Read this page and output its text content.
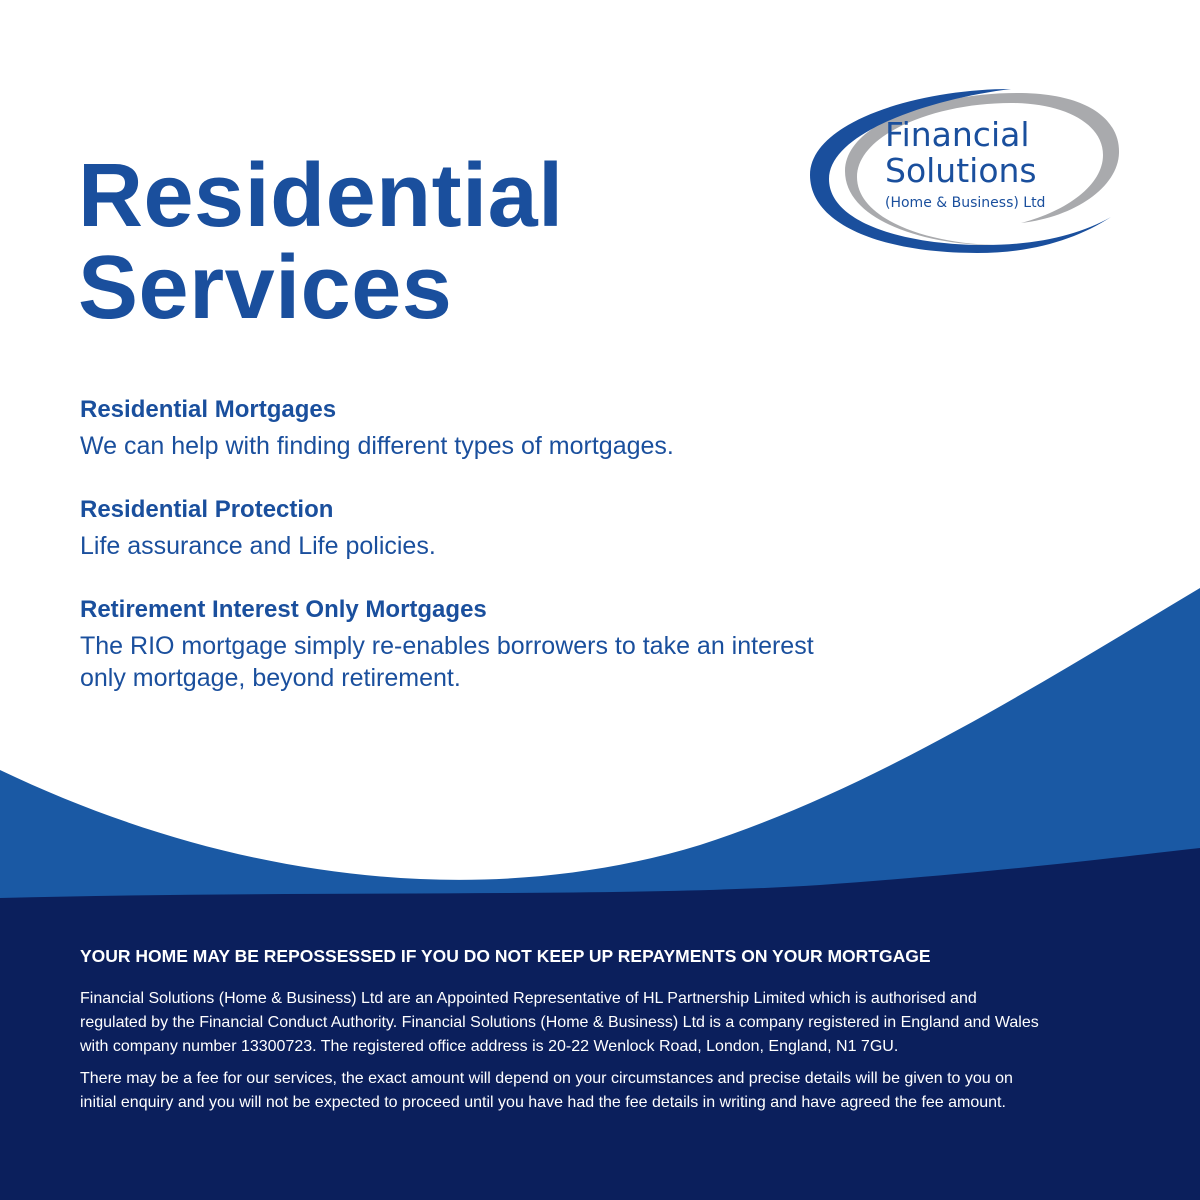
Financial
Solutions
(Home & Business) Ltd
Residential
Services
Residential Mortgages

We can help with finding different types of mortgages.

Residential Protection

Life assurance and Life policies.

Retirement Interest Only Mortgages

The RIO mortgage simply re-enables borrowers to take an interest only mortgage, beyond retirement.

YOUR HOME MAY BE REPOSSESSED IF YOU DO NOT KEEP UP REPAYMENTS ON YOUR MORTGAGE

Financial Solutions (Home & Business) Ltd are an Appointed Representative of HL Partnership Limited which is authorised and regulated by the Financial Conduct Authority. Financial Solutions (Home & Business) Ltd is a company registered in England and Wales with company number 13300723. The registered office address is 20-22 Wenlock Road, London, England, N1 7GU.

There may be a fee for our services, the exact amount will depend on your circumstances and precise details will be given to you on initial enquiry and you will not be expected to proceed until you have had the fee details in writing and have agreed the fee amount.
